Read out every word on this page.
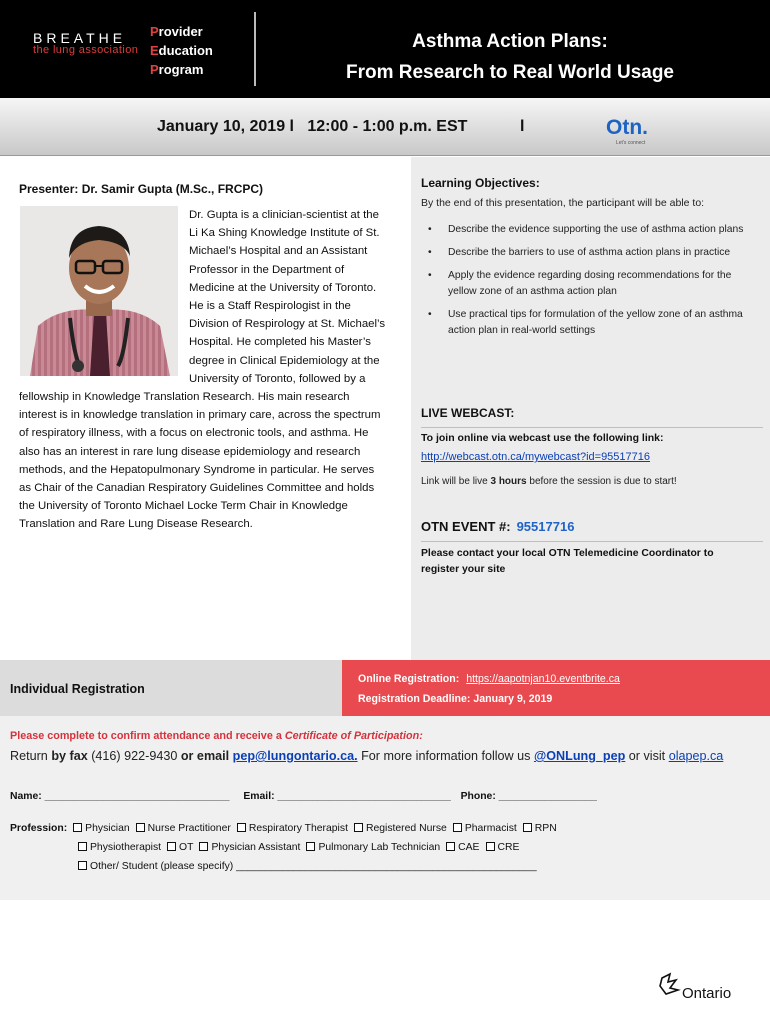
BREATHE
the lung association
Provider
Education
Program
Asthma Action Plans:
From Research to Real World Usage
January 10, 2019 l   12:00 - 1:00 p.m. EST	l	Otn.
Let's connect
Presenter: Dr. Samir Gupta (M.Sc., FRCPC)
Dr. Gupta is a clinician-scientist at the Li Ka Shing Knowledge Institute of St. Michael’s Hospital and an Assistant Professor in the Department of Medicine at the University of Toronto. He is a Staff Respirologist in the Division of Respirology at St. Michael’s Hospital. He completed his Master’s degree in Clinical Epidemiology at the University of Toronto, followed by a fellowship in Knowledge Translation Research. His main research interest is in knowledge translation in primary care, across the spectrum of respiratory illness, with a focus on electronic tools, and asthma. He also has an interest in rare lung disease epidemiology and research methods, and the Hepatopulmonary Syndrome in particular. He serves as Chair of the Canadian Respiratory Guidelines Committee and holds the University of Toronto Michael Locke Term Chair in Knowledge Translation and Rare Lung Disease Research.
Learning Objectives:
By the end of this presentation, the participant will be able to:
• Describe the evidence supporting the use of asthma action plans
• Describe the barriers to use of asthma action plans in practice
• Apply the evidence regarding dosing recommendations for the yellow zone of an asthma action plan
• Use practical tips for formulation of the yellow zone of an asthma action plan in real-world settings
LIVE WEBCAST:
To join online via webcast use the following link:
http://webcast.otn.ca/mywebcast?id=95517716
Link will be live 3 hours before the session is due to start!
OTN EVENT #: 95517716
Please contact your local OTN Telemedicine Coordinator to register your site
Individual Registration
Online Registration: https://aapotnjan10.eventbrite.ca
Registration Deadline: January 9, 2019
Please complete to confirm attendance and receive a Certificate of Participation:
Return by fax (416) 922-9430 or email pep@lungontario.ca. For more information follow us @ONLung_pep or visit olapep.ca
Name: ________________________________ Email: ______________________________ Phone: _________________
Profession: Physician Nurse Practitioner Respiratory Therapist Registered Nurse Pharmacist RPN
Physiotherapist OT Physician Assistant Pulmonary Lab Technician CAE CRE
Other/ Student (please specify) ____________________________________________________
Ontario
